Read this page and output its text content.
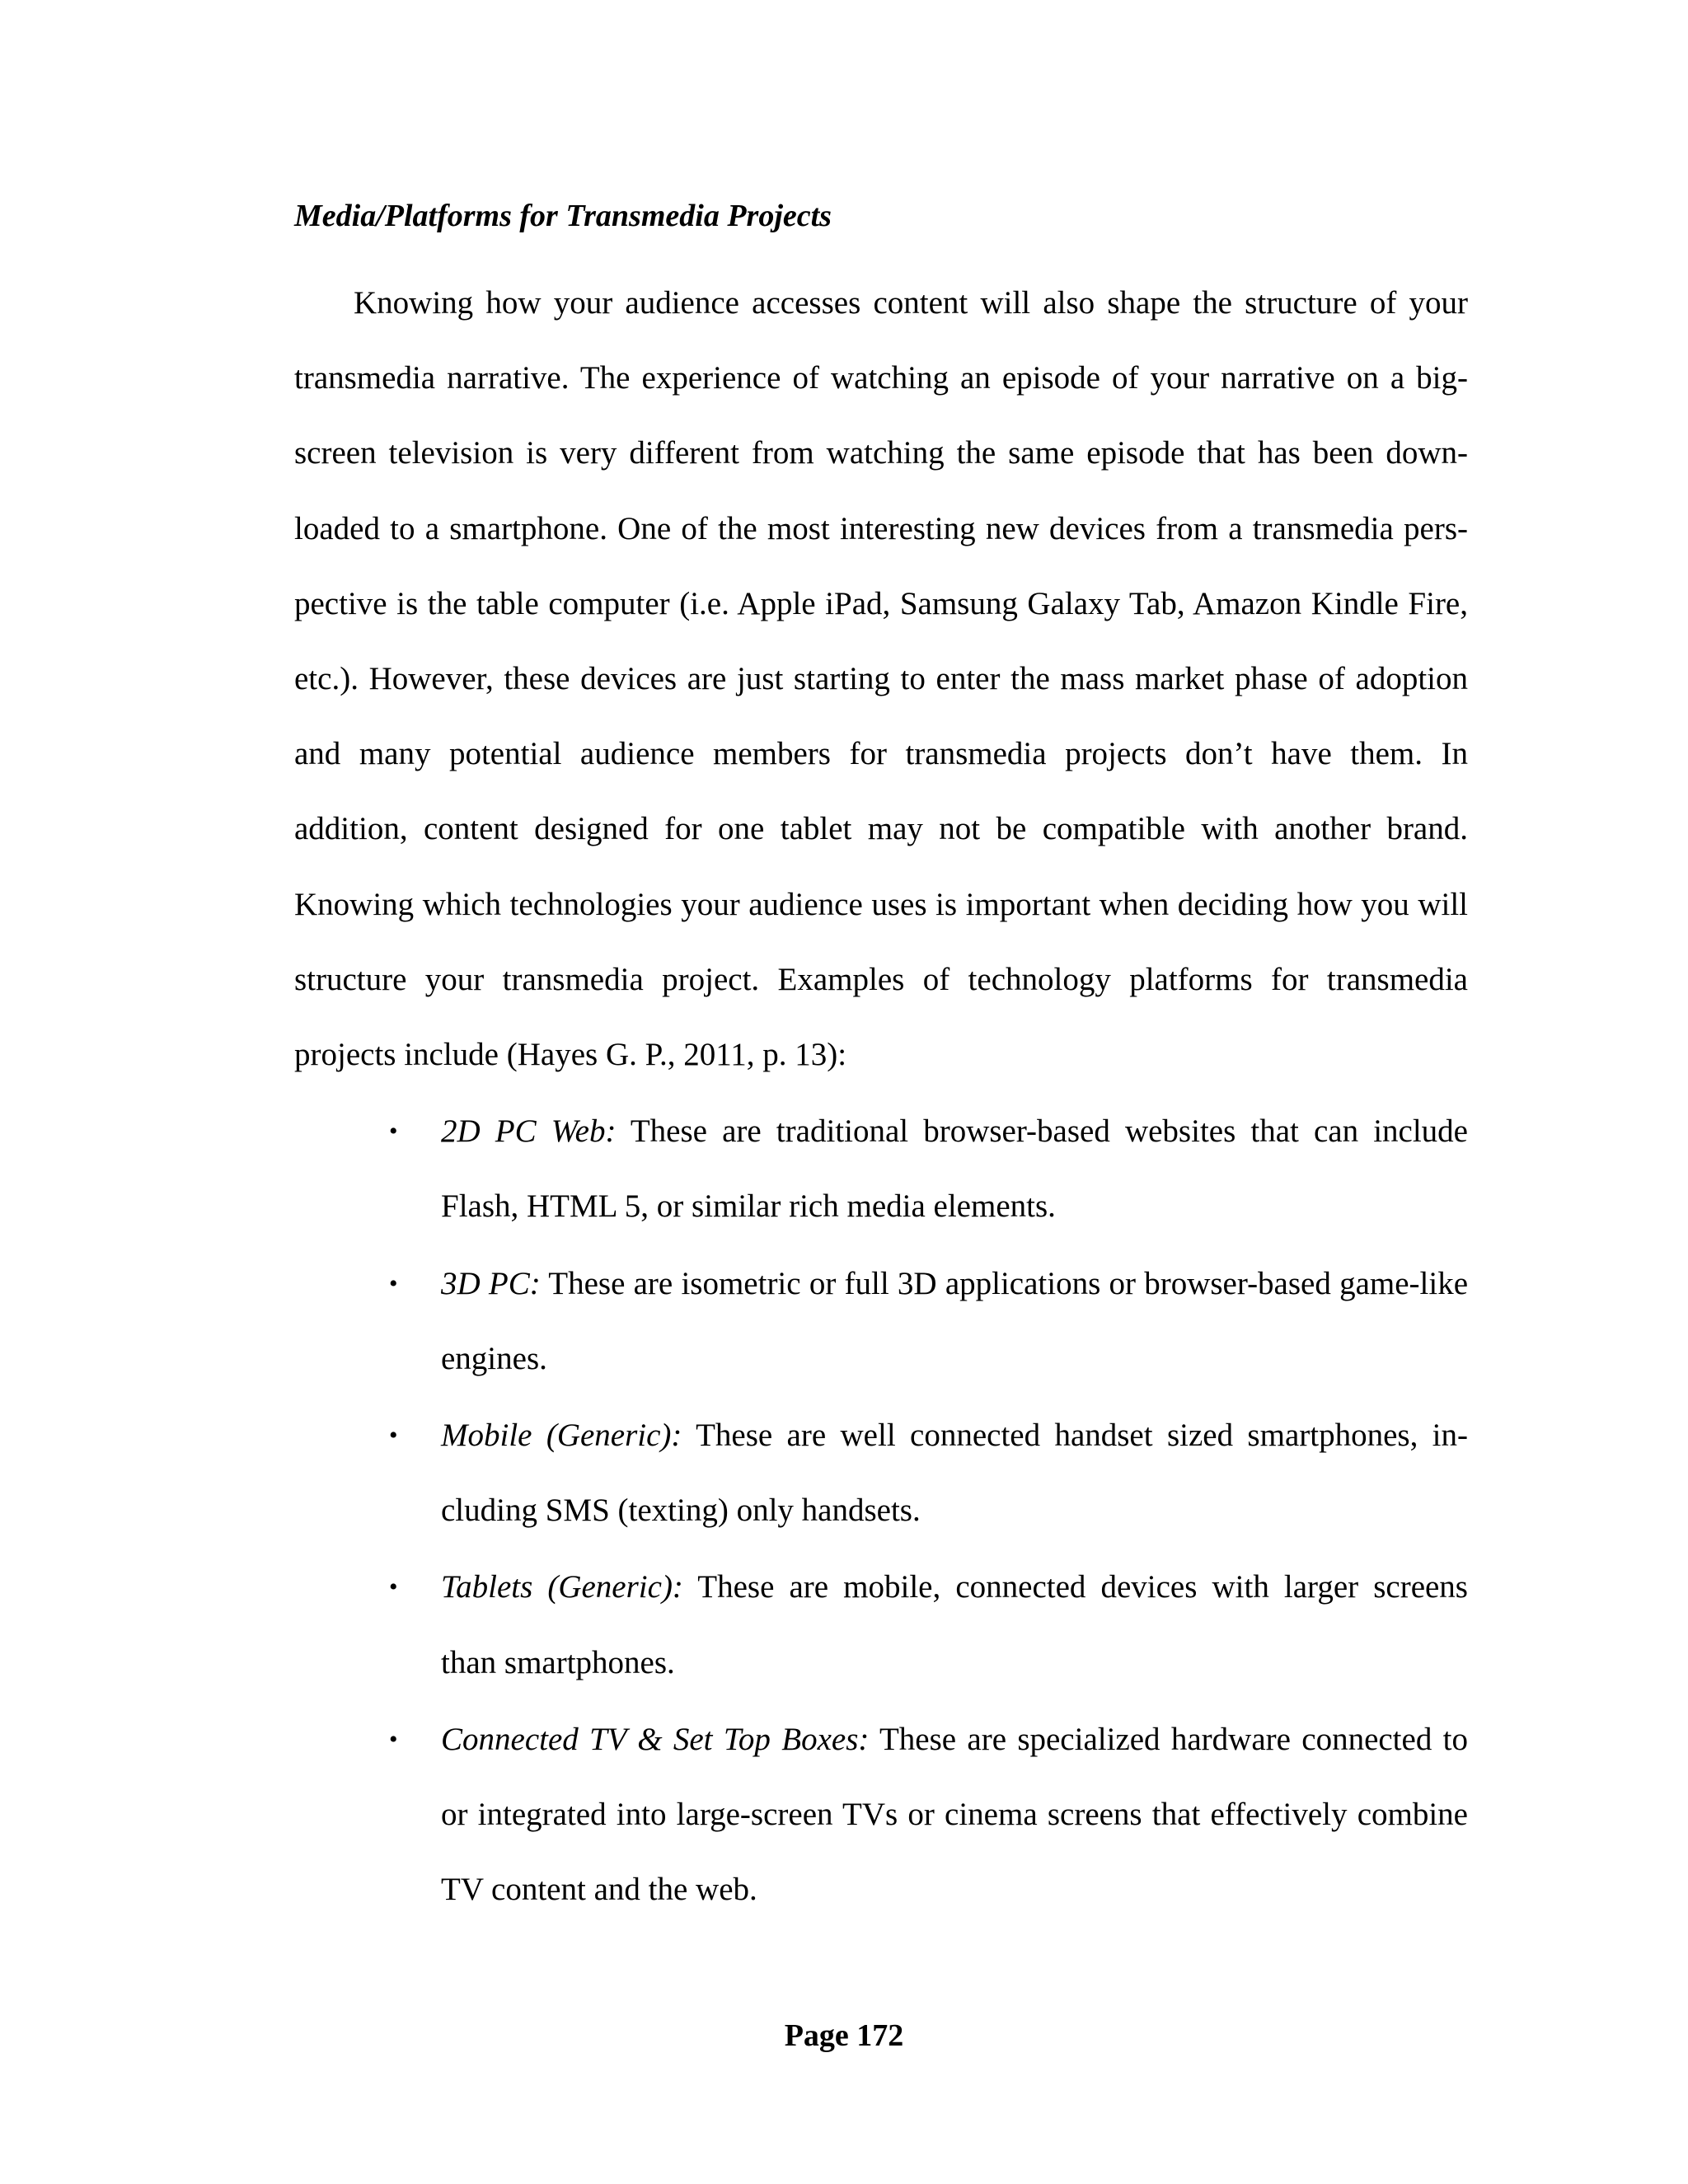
Media/Platforms for Transmedia Projects

Knowing how your audience accesses content will also shape the structure of your transmedia narrative. The experience of watching an episode of your narrative on a big-screen television is very different from watching the same episode that has been down-loaded to a smartphone. One of the most interesting new devices from a transmedia pers-pective is the table computer (i.e. Apple iPad, Samsung Galaxy Tab, Amazon Kindle Fire, etc.). However, these devices are just starting to enter the mass market phase of adoption and many potential audience members for transmedia projects don’t have them. In addition, content designed for one tablet may not be compatible with another brand. Knowing which technologies your audience uses is important when deciding how you will structure your transmedia project. Examples of technology platforms for transmedia projects include (Hayes G. P., 2011, p. 13):

• 2D PC Web: These are traditional browser-based websites that can include Flash, HTML 5, or similar rich media elements.
• 3D PC: These are isometric or full 3D applications or browser-based game-like engines.
• Mobile (Generic): These are well connected handset sized smartphones, in-cluding SMS (texting) only handsets.
• Tablets (Generic): These are mobile, connected devices with larger screens than smartphones.
• Connected TV & Set Top Boxes: These are specialized hardware connected to or integrated into large-screen TVs or cinema screens that effectively combine TV content and the web.
Page 172
